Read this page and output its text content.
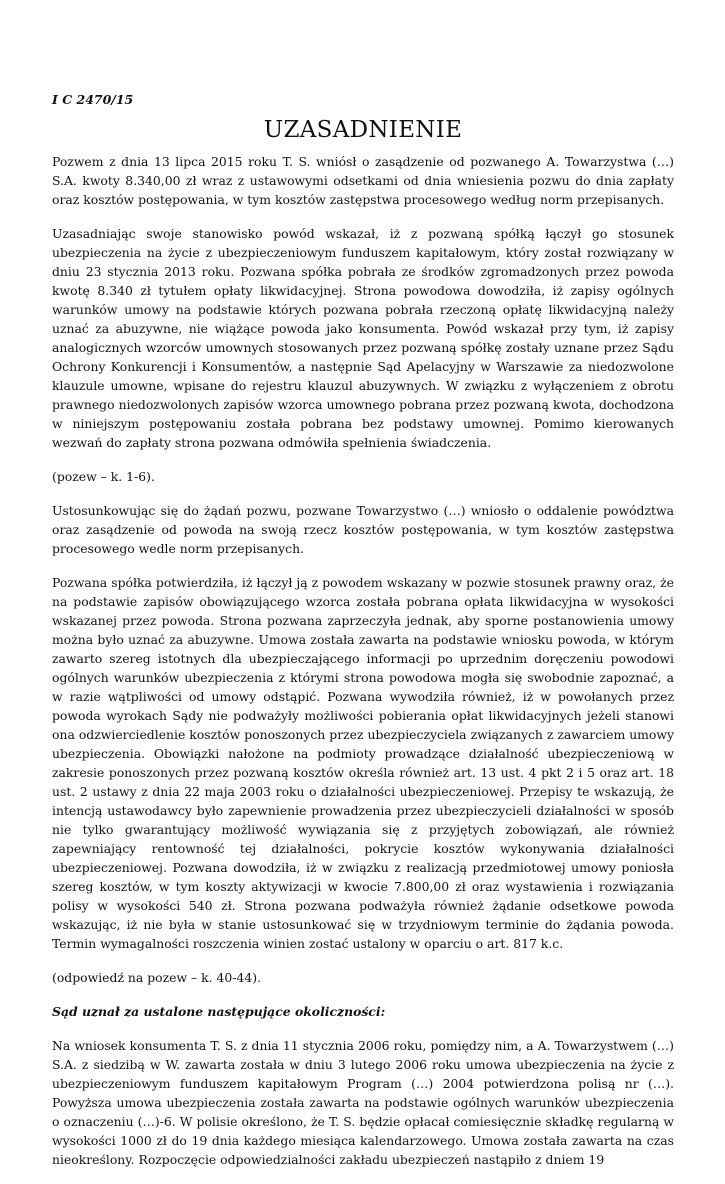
I C 2470/15
UZASADNIENIE

Pozwem z dnia 13 lipca 2015 roku T. S. wniósł o zasądzenie od pozwanego A. Towarzystwa (…) S.A. kwoty 8.340,00 zł wraz z ustawowymi odsetkami od dnia wniesienia pozwu do dnia zapłaty oraz kosztów postępowania, w tym kosztów zastępstwa procesowego według norm przepisanych.

Uzasadniając swoje stanowisko powód wskazał, iż z pozwaną spółką łączył go stosunek ubezpieczenia na życie z ubezpieczeniowym funduszem kapitałowym, który został rozwiązany w dniu 23 stycznia 2013 roku. Pozwana spółka pobrała ze środków zgromadzonych przez powoda kwotę 8.340 zł tytułem opłaty likwidacyjnej. Strona powodowa dowodziła, iż zapisy ogólnych warunków umowy na podstawie których pozwana pobrała rzeczoną opłatę likwidacyjną należy uznać za abuzywne, nie wiążące powoda jako konsumenta. Powód wskazał przy tym, iż zapisy analogicznych wzorców umownych stosowanych przez pozwaną spółkę zostały uznane przez Sądu Ochrony Konkurencji i Konsumentów, a następnie Sąd Apelacyjny w Warszawie za niedozwolone klauzule umowne, wpisane do rejestru klauzul abuzywnych. W związku z wyłączeniem z obrotu prawnego niedozwolonych zapisów wzorca umownego pobrana przez pozwaną kwota, dochodzona w niniejszym postępowaniu została pobrana bez podstawy umownej. Pomimo kierowanych wezwań do zapłaty strona pozwana odmówiła spełnienia świadczenia.

(pozew – k. 1-6).

Ustosunkowując się do żądań pozwu, pozwane Towarzystwo (…) wniosło o oddalenie powództwa oraz zasądzenie od powoda na swoją rzecz kosztów postępowania, w tym kosztów zastępstwa procesowego wedle norm przepisanych.

Pozwana spółka potwierdziła, iż łączył ją z powodem wskazany w pozwie stosunek prawny oraz, że na podstawie zapisów obowiązującego wzorca została pobrana opłata likwidacyjna w wysokości wskazanej przez powoda. Strona pozwana zaprzeczyła jednak, aby sporne postanowienia umowy można było uznać za abuzywne. Umowa została zawarta na podstawie wniosku powoda, w którym zawarto szereg istotnych dla ubezpieczającego informacji po uprzednim doręczeniu powodowi ogólnych warunków ubezpieczenia z którymi strona powodowa mogła się swobodnie zapoznać, a w razie wątpliwości od umowy odstąpić. Pozwana wywodziła również, iż w powołanych przez powoda wyrokach Sądy nie podważyły możliwości pobierania opłat likwidacyjnych jeżeli stanowi ona odzwierciedlenie kosztów ponoszonych przez ubezpieczyciela związanych z zawarciem umowy ubezpieczenia. Obowiązki nałożone na podmioty prowadzące działalność ubezpieczeniową w zakresie ponoszonych przez pozwaną kosztów określa również art. 13 ust. 4 pkt 2 i 5 oraz art. 18 ust. 2 ustawy z dnia 22 maja 2003 roku o działalności ubezpieczeniowej. Przepisy te wskazują, że intencją ustawodawcy było zapewnienie prowadzenia przez ubezpieczycieli działalności w sposób nie tylko gwarantujący możliwość wywiązania się z przyjętych zobowiązań, ale również zapewniający rentowność tej działalności, pokrycie kosztów wykonywania działalności ubezpieczeniowej. Pozwana dowodziła, iż w związku z realizacją przedmiotowej umowy poniosła szereg kosztów, w tym koszty aktywizacji w kwocie 7.800,00 zł oraz wystawienia i rozwiązania polisy w wysokości 540 zł. Strona pozwana podważyła również żądanie odsetkowe powoda wskazując, iż nie była w stanie ustosunkować się w trzydniowym terminie do żądania powoda. Termin wymagalności roszczenia winien zostać ustalony w oparciu o art. 817 k.c.

(odpowiedź na pozew – k. 40-44).

Sąd uznał za ustalone następujące okoliczności:

Na wniosek konsumenta T. S. z dnia 11 stycznia 2006 roku, pomiędzy nim, a A. Towarzystwem (…) S.A. z siedzibą w W. zawarta została w dniu 3 lutego 2006 roku umowa ubezpieczenia na życie z ubezpieczeniowym funduszem kapitałowym Program (…) 2004 potwierdzona polisą nr (…). Powyższa umowa ubezpieczenia została zawarta na podstawie ogólnych warunków ubezpieczenia o oznaczeniu (…)-6. W polisie określono, że T. S. będzie opłacał comiesięcznie składkę regularną w wysokości 1000 zł do 19 dnia każdego miesiąca kalendarzowego. Umowa została zawarta na czas nieokreślony. Rozpoczęcie odpowiedzialności zakładu ubezpieczeń nastąpiło z dniem 19
